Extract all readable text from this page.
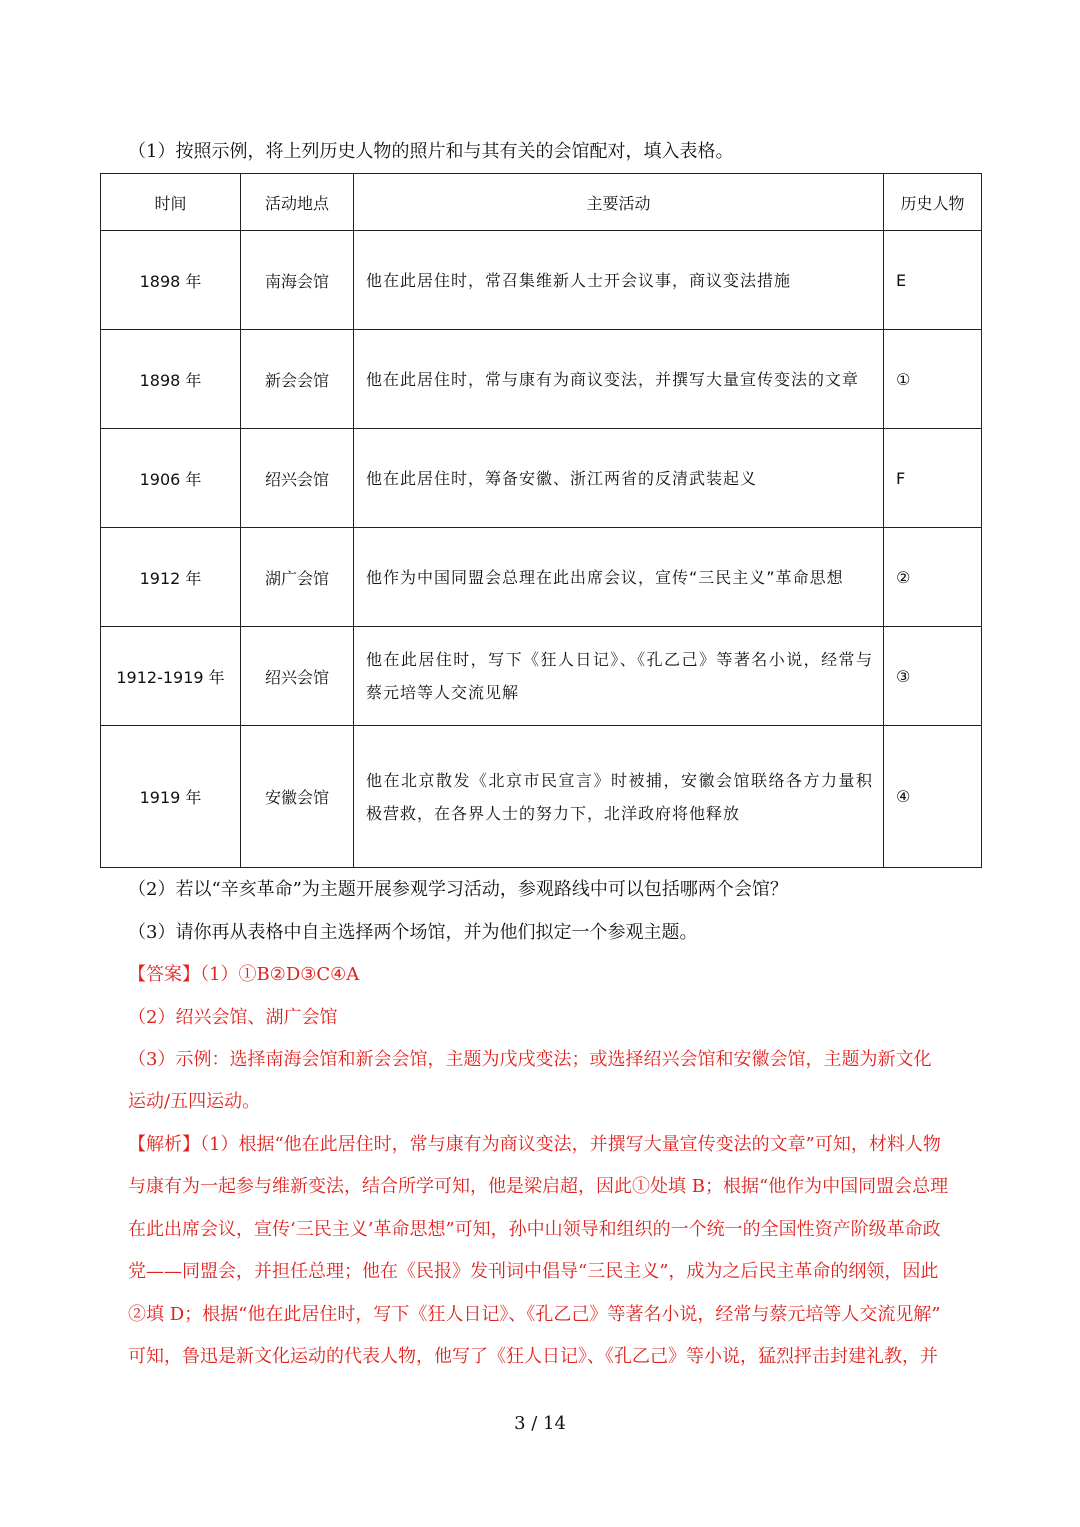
（1）按照示例，将上列历史人物的照片和与其有关的会馆配对，填入表格。
时间	活动地点	主要活动	历史人物
1898 年	南海会馆	他在此居住时，常召集维新人士开会议事，商议变法措施	E
1898 年	新会会馆	他在此居住时，常与康有为商议变法，并撰写大量宣传变法的文章	①
1906 年	绍兴会馆	他在此居住时，筹备安徽、浙江两省的反清武装起义	F
1912 年	湖广会馆	他作为中国同盟会总理在此出席会议，宣传“三民主义”革命思想	②
1912-1919 年	绍兴会馆	他在此居住时，写下《狂人日记》、《孔乙己》等著名小说，经常与蔡元培等人交流见解	③
1919 年	安徽会馆	他在北京散发《北京市民宣言》时被捕，安徽会馆联络各方力量积极营救，在各界人士的努力下，北洋政府将他释放	④
（2）若以“辛亥革命”为主题开展参观学习活动，参观路线中可以包括哪两个会馆？
（3）请你再从表格中自主选择两个场馆，并为他们拟定一个参观主题。
【答案】（1）①B②D③C④A
（2）绍兴会馆、湖广会馆
（3）示例：选择南海会馆和新会会馆，主题为戊戌变法；或选择绍兴会馆和安徽会馆，主题为新文化
运动/五四运动。
【解析】（1）根据“他在此居住时，常与康有为商议变法，并撰写大量宣传变法的文章”可知，材料人物
与康有为一起参与维新变法，结合所学可知，他是梁启超，因此①处填 B；根据“他作为中国同盟会总理
在此出席会议，宣传‘三民主义’革命思想”可知，孙中山领导和组织的一个统一的全国性资产阶级革命政
党——同盟会，并担任总理；他在《民报》发刊词中倡导“三民主义”，成为之后民主革命的纲领，因此
②填 D；根据“他在此居住时，写下《狂人日记》、《孔乙己》等著名小说，经常与蔡元培等人交流见解”
可知，鲁迅是新文化运动的代表人物，他写了《狂人日记》、《孔乙己》等小说，猛烈抨击封建礼教，并
3 / 14
